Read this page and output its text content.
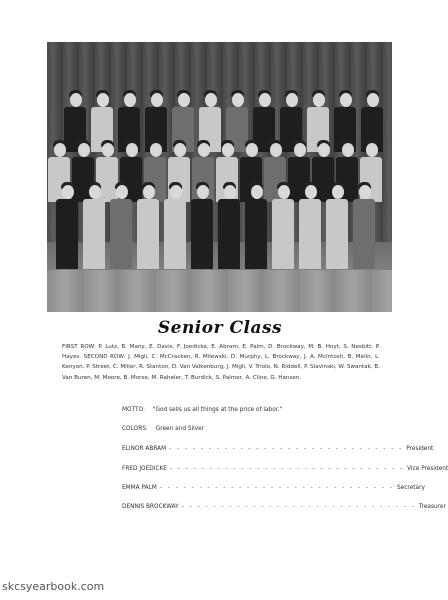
Senior Class
FIRST ROW: P. Lutz, B. Many, E. Davis, F. Joedicke, E. Abram, E. Palm, D. Brockway, M. B. Hoyt, S. Nesbitt, P. Hayes. SECOND ROW: J. Migli, C. McCracken, R. Milewski, D. Murphy, L. Brockway, J. A. McIntosh, B. Melin, L. Kenyon, P. Street, C. Miller, R. Stanton, D. Van Valkenburg, J. Migli, V. Triolo, N. Riddell, P. Slavinski, W. Swantak, B. Van Buren, M. Moore, B. Morse, M. Raheler, T. Burdick, S. Palmer, A. Cline, G. Hansen.
MOTTO: "God sells us all things at the price of labor."
COLORS: Green and Silver
ELINOR ABRAM - - - - - - - - - - - - - - - - - - - - - - - - - - - - - - President
FRED JOEDICKE - - - - - - - - - - - - - - - - - - - - - - - - - - - - - - Vice President
EMMA PALM - - - - - - - - - - - - - - - - - - - - - - - - - - - - - - Secretary
DENNIS BROCKWAY - - - - - - - - - - - - - - - - - - - - - - - - - - - - - - Treasurer
skcsyearbook.com
